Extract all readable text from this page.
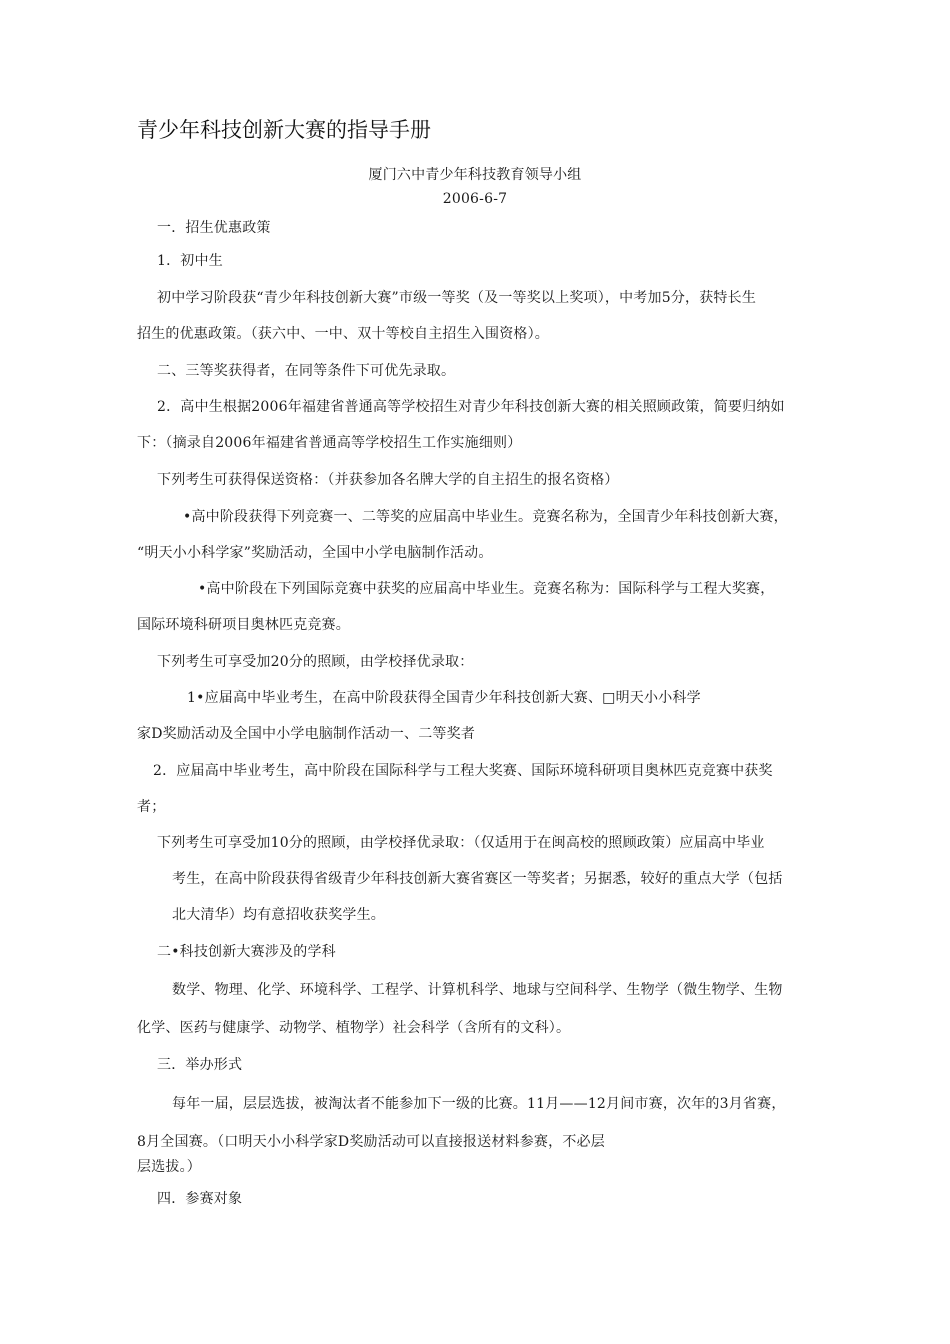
青少年科技创新大赛的指导手册
厦门六中青少年科技教育领导小组
2006-6-7
一．招生优惠政策
1．初中生
初中学习阶段获“青少年科技创新大赛”市级一等奖（及一等奖以上奖项），中考加5分，获特长生
招生的优惠政策。（获六中、一中、双十等校自主招生入围资格）。
二、三等奖获得者，在同等条件下可优先录取。
2．高中生根据2006年福建省普通高等学校招生对青少年科技创新大赛的相关照顾政策，简要归纳如
下：（摘录自2006年福建省普通高等学校招生工作实施细则）
下列考生可获得保送资格：（并获参加各名牌大学的自主招生的报名资格）
•高中阶段获得下列竞赛一、二等奖的应届高中毕业生。竞赛名称为，全国青少年科技创新大赛，
“明天小小科学家”奖励活动，全国中小学电脑制作活动。
•高中阶段在下列国际竞赛中获奖的应届高中毕业生。竞赛名称为：国际科学与工程大奖赛，
国际环境科研项目奥林匹克竞赛。
下列考生可享受加20分的照顾，由学校择优录取：
1•应届高中毕业考生，在高中阶段获得全国青少年科技创新大赛、□明天小小科学
家D奖励活动及全国中小学电脑制作活动一、二等奖者
2．应届高中毕业考生，高中阶段在国际科学与工程大奖赛、国际环境科研项目奥林匹克竞赛中获奖
者；
下列考生可享受加10分的照顾，由学校择优录取：（仅适用于在闽高校的照顾政策）应届高中毕业
考生，在高中阶段获得省级青少年科技创新大赛省赛区一等奖者；另据悉，较好的重点大学（包括
北大清华）均有意招收获奖学生。
二•科技创新大赛涉及的学科
数学、物理、化学、环境科学、工程学、计算机科学、地球与空间科学、生物学（微生物学、生物
化学、医药与健康学、动物学、植物学）社会科学（含所有的文科）。
三．举办形式
每年一届，层层选拔，被淘汰者不能参加下一级的比赛。11月——12月间市赛，次年的3月省赛，
8月全国赛。（口明天小小科学家D奖励活动可以直接报送材料参赛，不必层
层选拔。）
四．参赛对象
